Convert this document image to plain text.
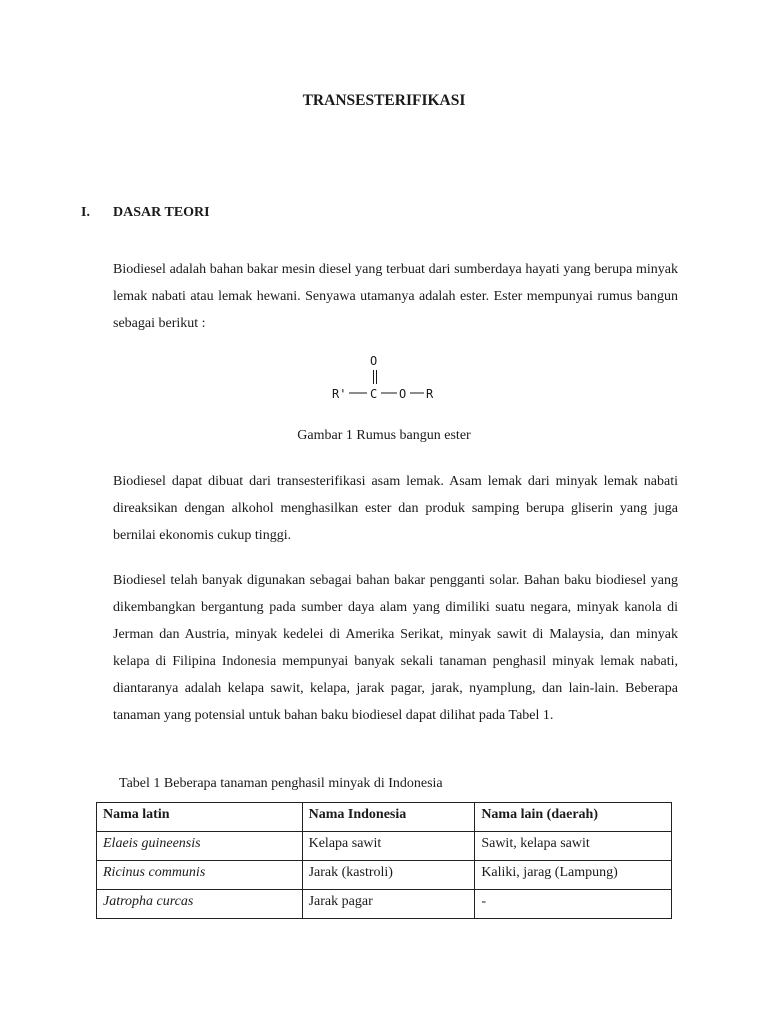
TRANSESTERIFIKASI
I. DASAR TEORI

Biodiesel adalah bahan bakar mesin diesel yang terbuat dari sumberdaya hayati yang berupa minyak lemak nabati atau lemak hewani. Senyawa utamanya adalah ester. Ester mempunyai rumus bangun sebagai berikut :

O
R' C O R
Gambar 1 Rumus bangun ester

Biodiesel dapat dibuat dari transesterifikasi asam lemak. Asam lemak dari minyak lemak nabati direaksikan dengan alkohol menghasilkan ester dan produk samping berupa gliserin yang juga bernilai ekonomis cukup tinggi.

Biodiesel telah banyak digunakan sebagai bahan bakar pengganti solar. Bahan baku biodiesel yang dikembangkan bergantung pada sumber daya alam yang dimiliki suatu negara, minyak kanola di Jerman dan Austria, minyak kedelei di Amerika Serikat, minyak sawit di Malaysia, dan minyak kelapa di Filipina Indonesia mempunyai banyak sekali tanaman penghasil minyak lemak nabati, diantaranya adalah kelapa sawit, kelapa, jarak pagar, jarak, nyamplung, dan lain-lain. Beberapa tanaman yang potensial untuk bahan baku biodiesel dapat dilihat pada Tabel 1.

Tabel 1 Beberapa tanaman penghasil minyak di Indonesia
Nama latin	Nama Indonesia	Nama lain (daerah)
Elaeis guineensis	Kelapa sawit	Sawit, kelapa sawit
Ricinus communis	Jarak (kastroli)	Kaliki, jarag (Lampung)
Jatropha curcas	Jarak pagar	-
